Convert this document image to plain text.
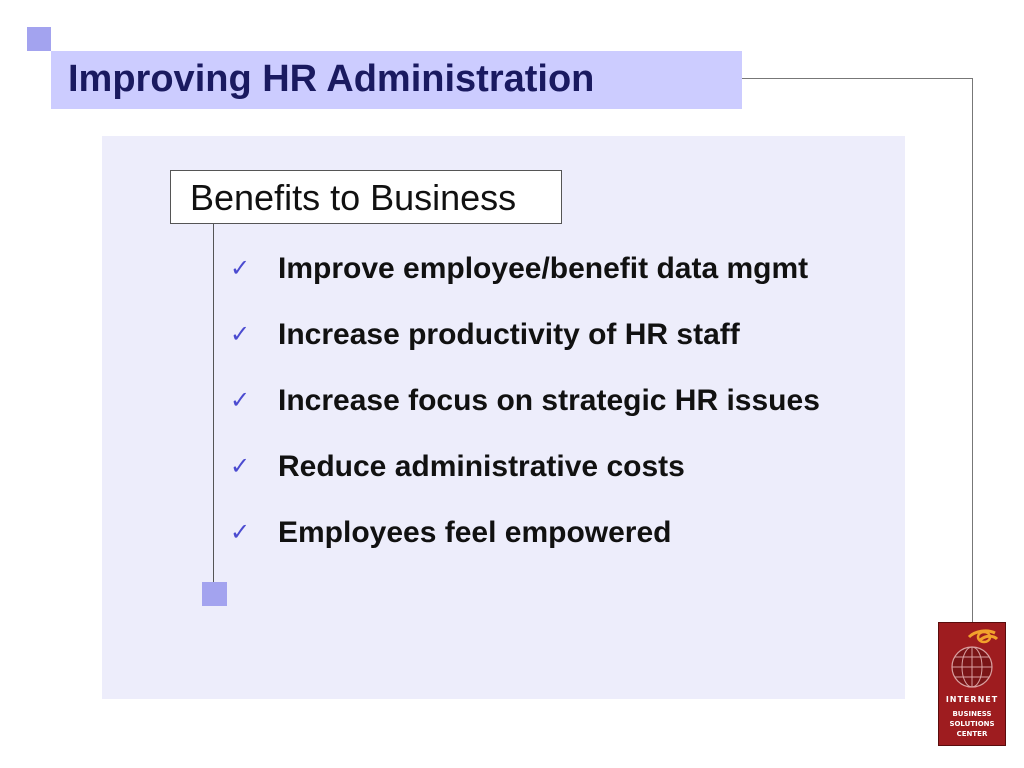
Improving HR Administration
Benefits to Business
✓ Improve employee/benefit data mgmt
✓ Increase productivity of HR staff
✓ Increase focus on strategic HR issues
✓ Reduce administrative costs
✓ Employees feel empowered
INTERNET
BUSINESS
SOLUTIONS
CENTER
